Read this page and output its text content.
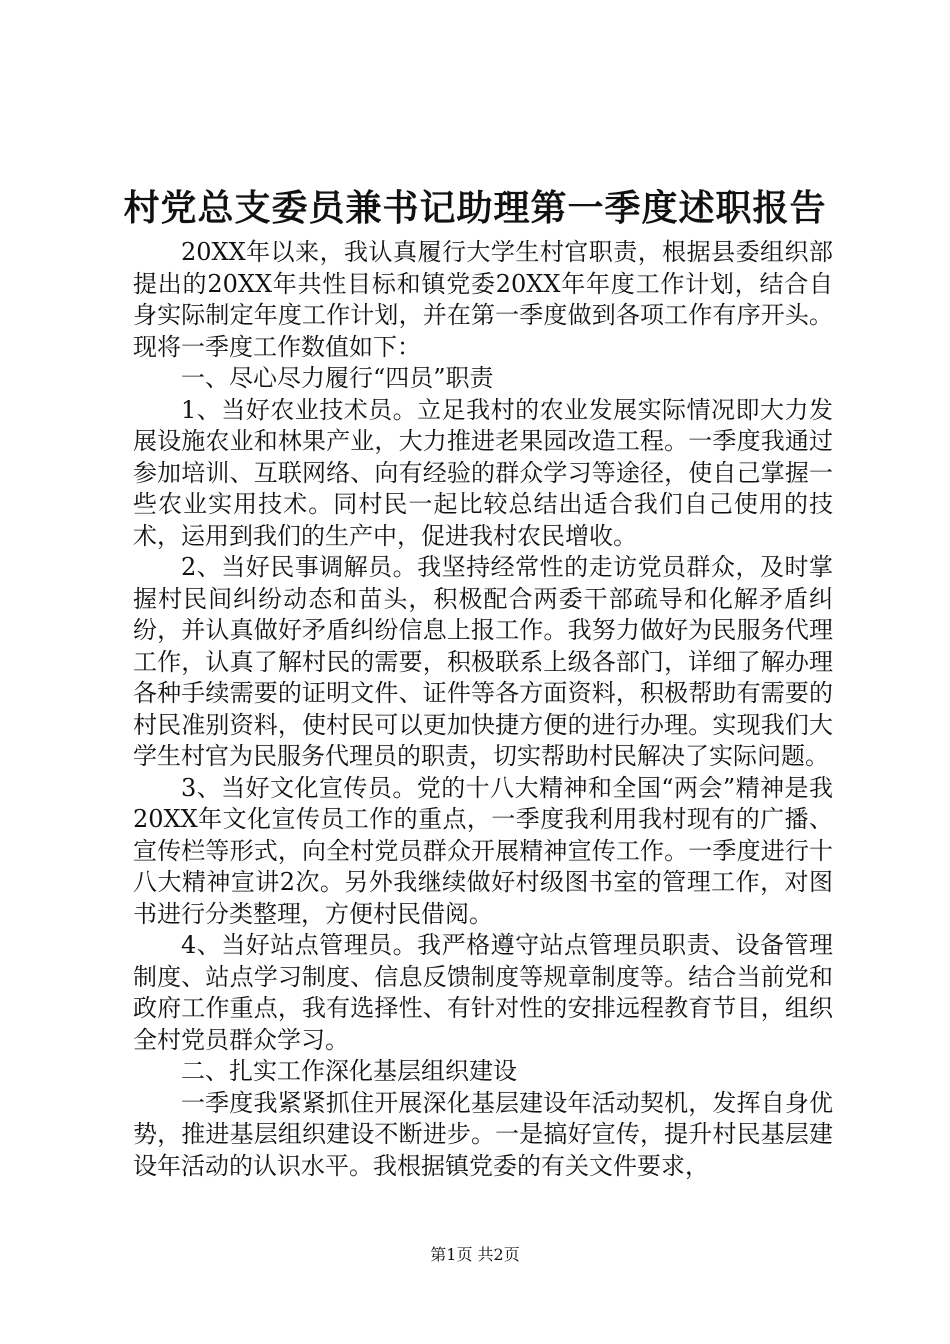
村党总支委员兼书记助理第一季度述职报告

20XX年以来，我认真履行大学生村官职责，根据县委组织部提出的20XX年共性目标和镇党委20XX年年度工作计划，结合自身实际制定年度工作计划，并在第一季度做到各项工作有序开头。现将一季度工作数值如下：

一、尽心尽力履行“四员”职责

1、当好农业技术员。立足我村的农业发展实际情况即大力发展设施农业和林果产业，大力推进老果园改造工程。一季度我通过参加培训、互联网络、向有经验的群众学习等途径，使自己掌握一些农业实用技术。同村民一起比较总结出适合我们自己使用的技术，运用到我们的生产中，促进我村农民增收。

2、当好民事调解员。我坚持经常性的走访党员群众，及时掌握村民间纠纷动态和苗头，积极配合两委干部疏导和化解矛盾纠纷，并认真做好矛盾纠纷信息上报工作。我努力做好为民服务代理工作，认真了解村民的需要，积极联系上级各部门，详细了解办理各种手续需要的证明文件、证件等各方面资料，积极帮助有需要的村民准别资料，使村民可以更加快捷方便的进行办理。实现我们大学生村官为民服务代理员的职责，切实帮助村民解决了实际问题。

3、当好文化宣传员。党的十八大精神和全国“两会”精神是我20XX年文化宣传员工作的重点，一季度我利用我村现有的广播、宣传栏等形式，向全村党员群众开展精神宣传工作。一季度进行十八大精神宣讲2次。另外我继续做好村级图书室的管理工作，对图书进行分类整理，方便村民借阅。

4、当好站点管理员。我严格遵守站点管理员职责、设备管理制度、站点学习制度、信息反馈制度等规章制度等。结合当前党和政府工作重点，我有选择性、有针对性的安排远程教育节目，组织全村党员群众学习。

二、扎实工作深化基层组织建设

一季度我紧紧抓住开展深化基层建设年活动契机，发挥自身优势，推进基层组织建设不断进步。一是搞好宣传，提升村民基层建设年活动的认识水平。我根据镇党委的有关文件要求，

第1页 共2页
